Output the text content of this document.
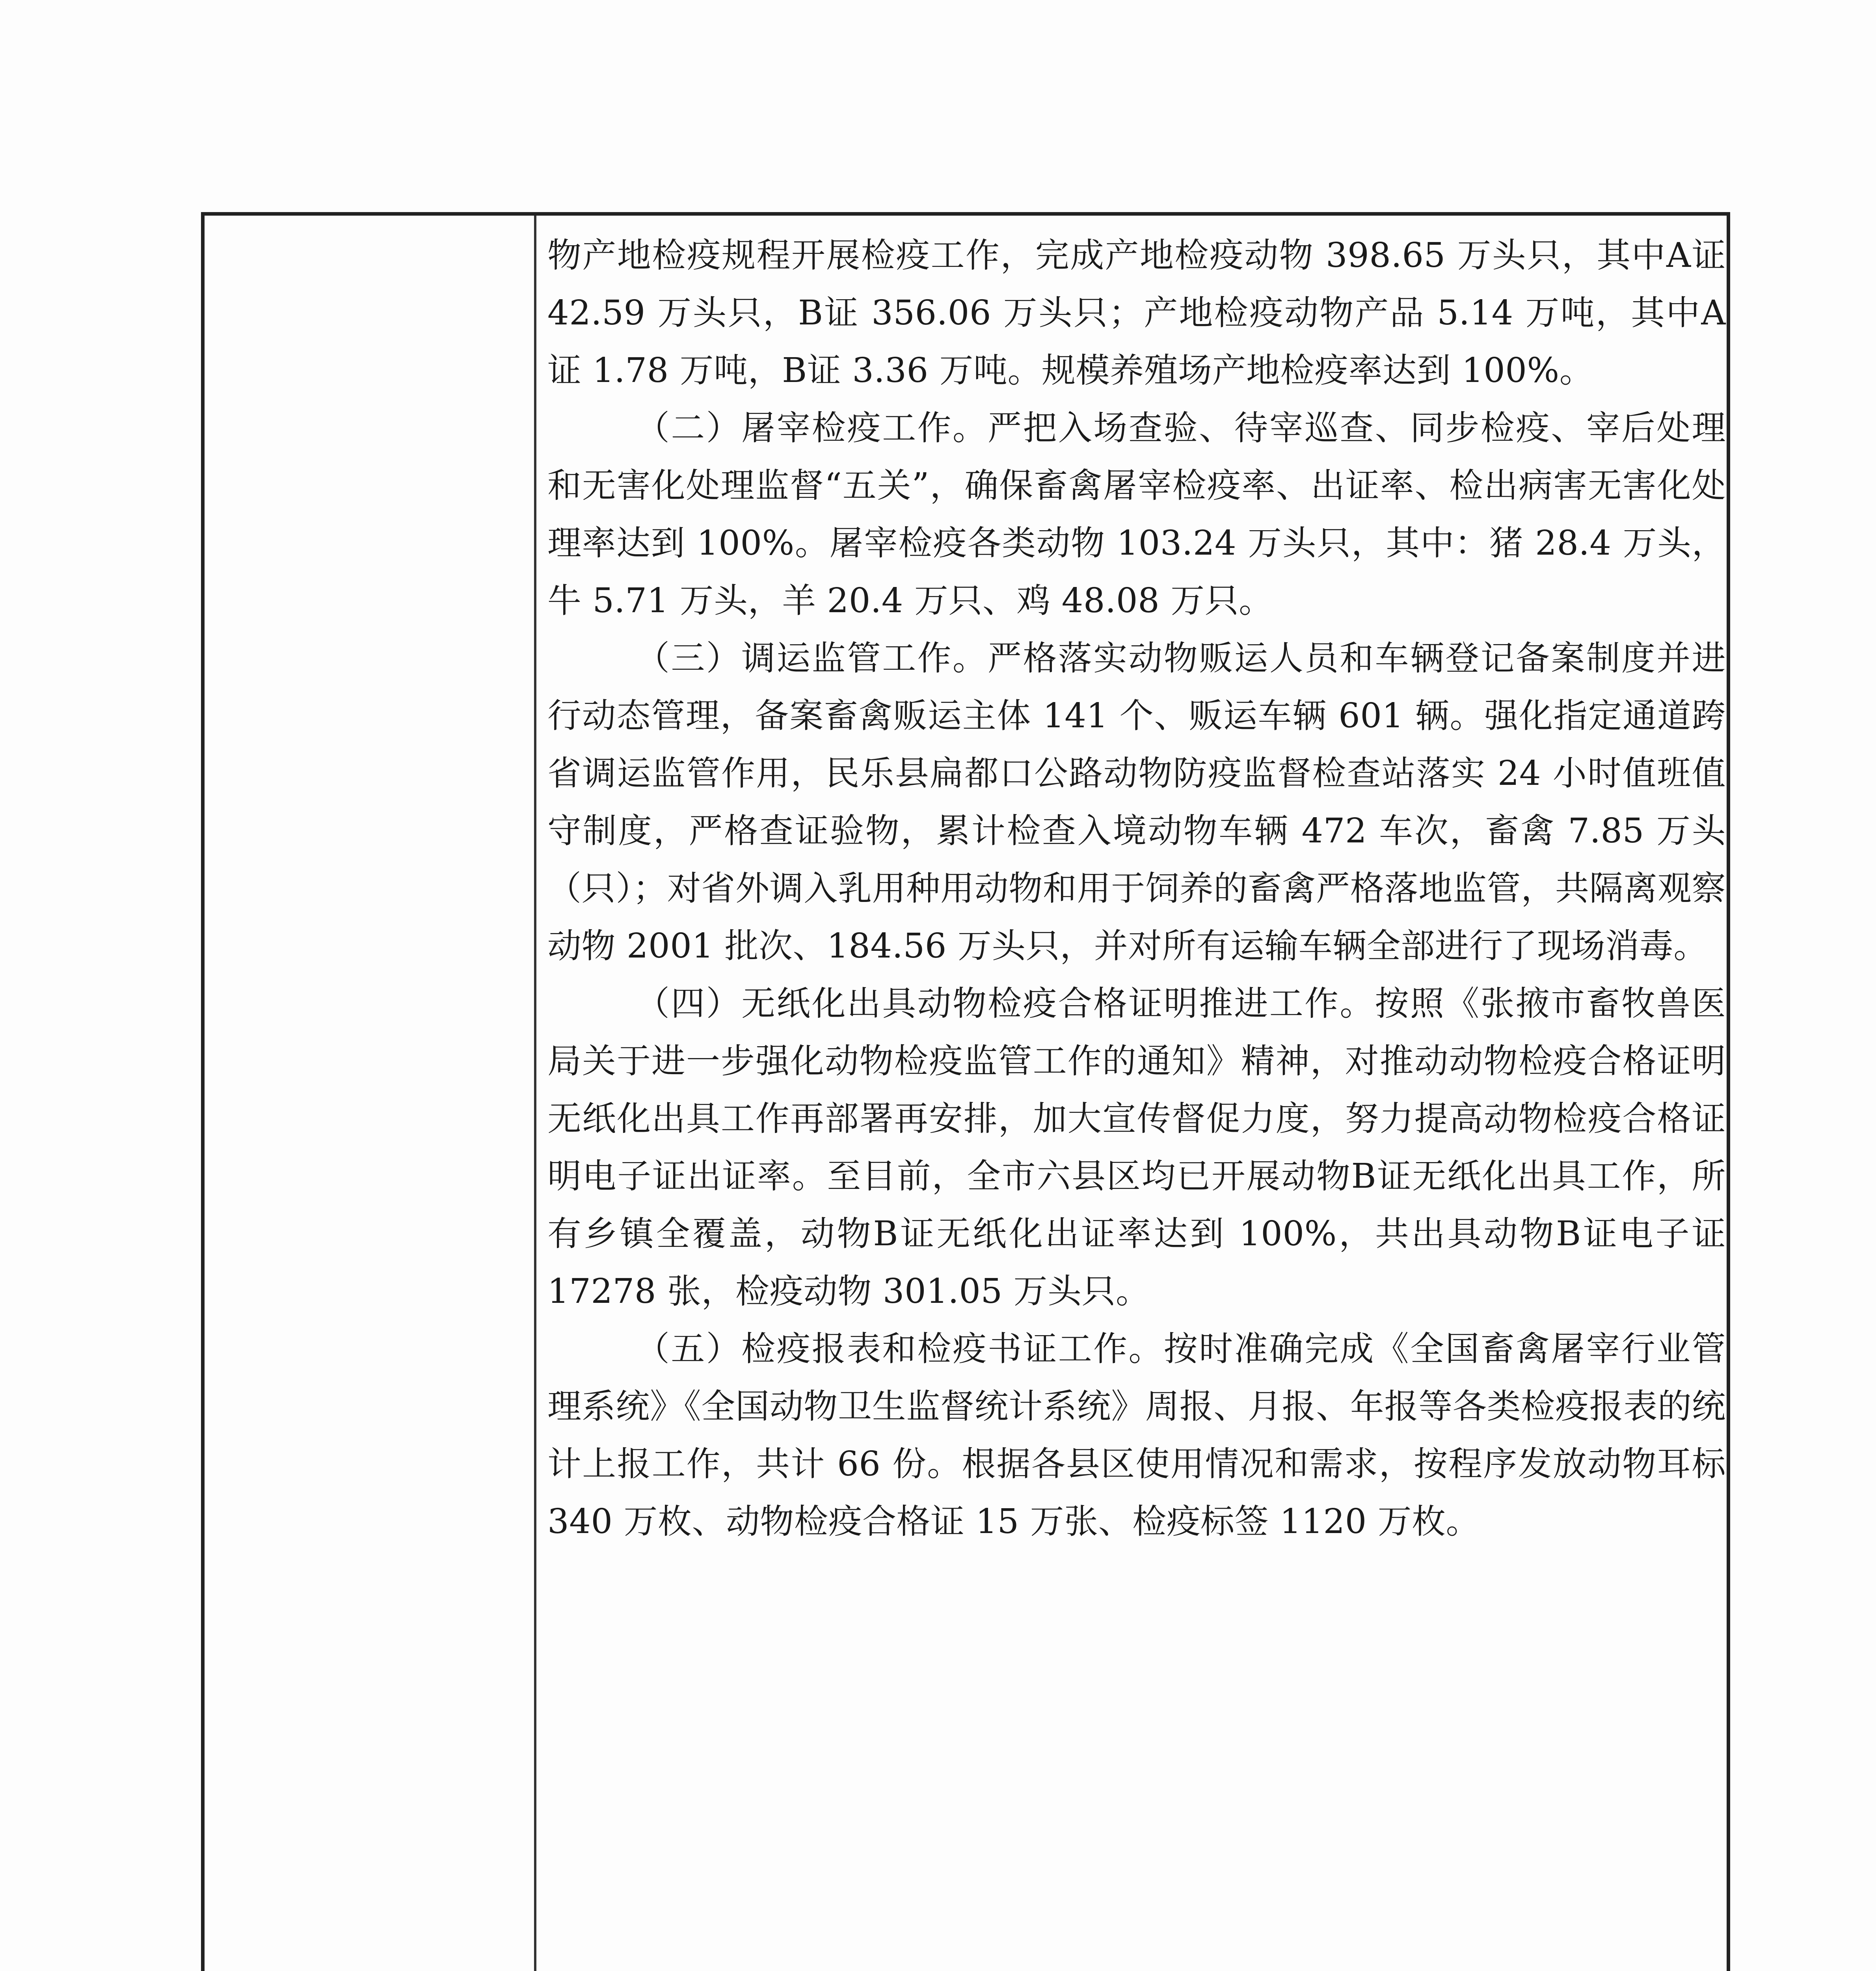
物产地检疫规程开展检疫工作，完成产地检疫动物 398.65 万头只，其中A证 42.59 万头只，B证 356.06 万头只；产地检疫动物产品 5.14 万吨，其中A证 1.78 万吨，B证 3.36 万吨。规模养殖场产地检疫率达到 100%。

（二）屠宰检疫工作。严把入场查验、待宰巡查、同步检疫、宰后处理和无害化处理监督“五关”，确保畜禽屠宰检疫率、出证率、检出病害无害化处理率达到 100%。屠宰检疫各类动物 103.24 万头只，其中：猪 28.4 万头，牛 5.71 万头，羊 20.4 万只、鸡 48.08 万只。

（三）调运监管工作。严格落实动物贩运人员和车辆登记备案制度并进行动态管理，备案畜禽贩运主体 141 个、贩运车辆 601 辆。强化指定通道跨省调运监管作用，民乐县扁都口公路动物防疫监督检查站落实 24 小时值班值守制度，严格查证验物，累计检查入境动物车辆 472 车次，畜禽 7.85 万头（只）；对省外调入乳用种用动物和用于饲养的畜禽严格落地监管，共隔离观察动物 2001 批次、184.56 万头只，并对所有运输车辆全部进行了现场消毒。

（四）无纸化出具动物检疫合格证明推进工作。按照《张掖市畜牧兽医局关于进一步强化动物检疫监管工作的通知》精神，对推动动物检疫合格证明无纸化出具工作再部署再安排，加大宣传督促力度，努力提高动物检疫合格证明电子证出证率。至目前，全市六县区均已开展动物B证无纸化出具工作，所有乡镇全覆盖，动物B证无纸化出证率达到 100%，共出具动物B证电子证 17278 张，检疫动物 301.05 万头只。

（五）检疫报表和检疫书证工作。按时准确完成《全国畜禽屠宰行业管理系统》《全国动物卫生监督统计系统》周报、月报、年报等各类检疫报表的统计上报工作，共计 66 份。根据各县区使用情况和需求，按程序发放动物耳标 340 万枚、动物检疫合格证 15 万张、检疫标签 1120 万枚。
